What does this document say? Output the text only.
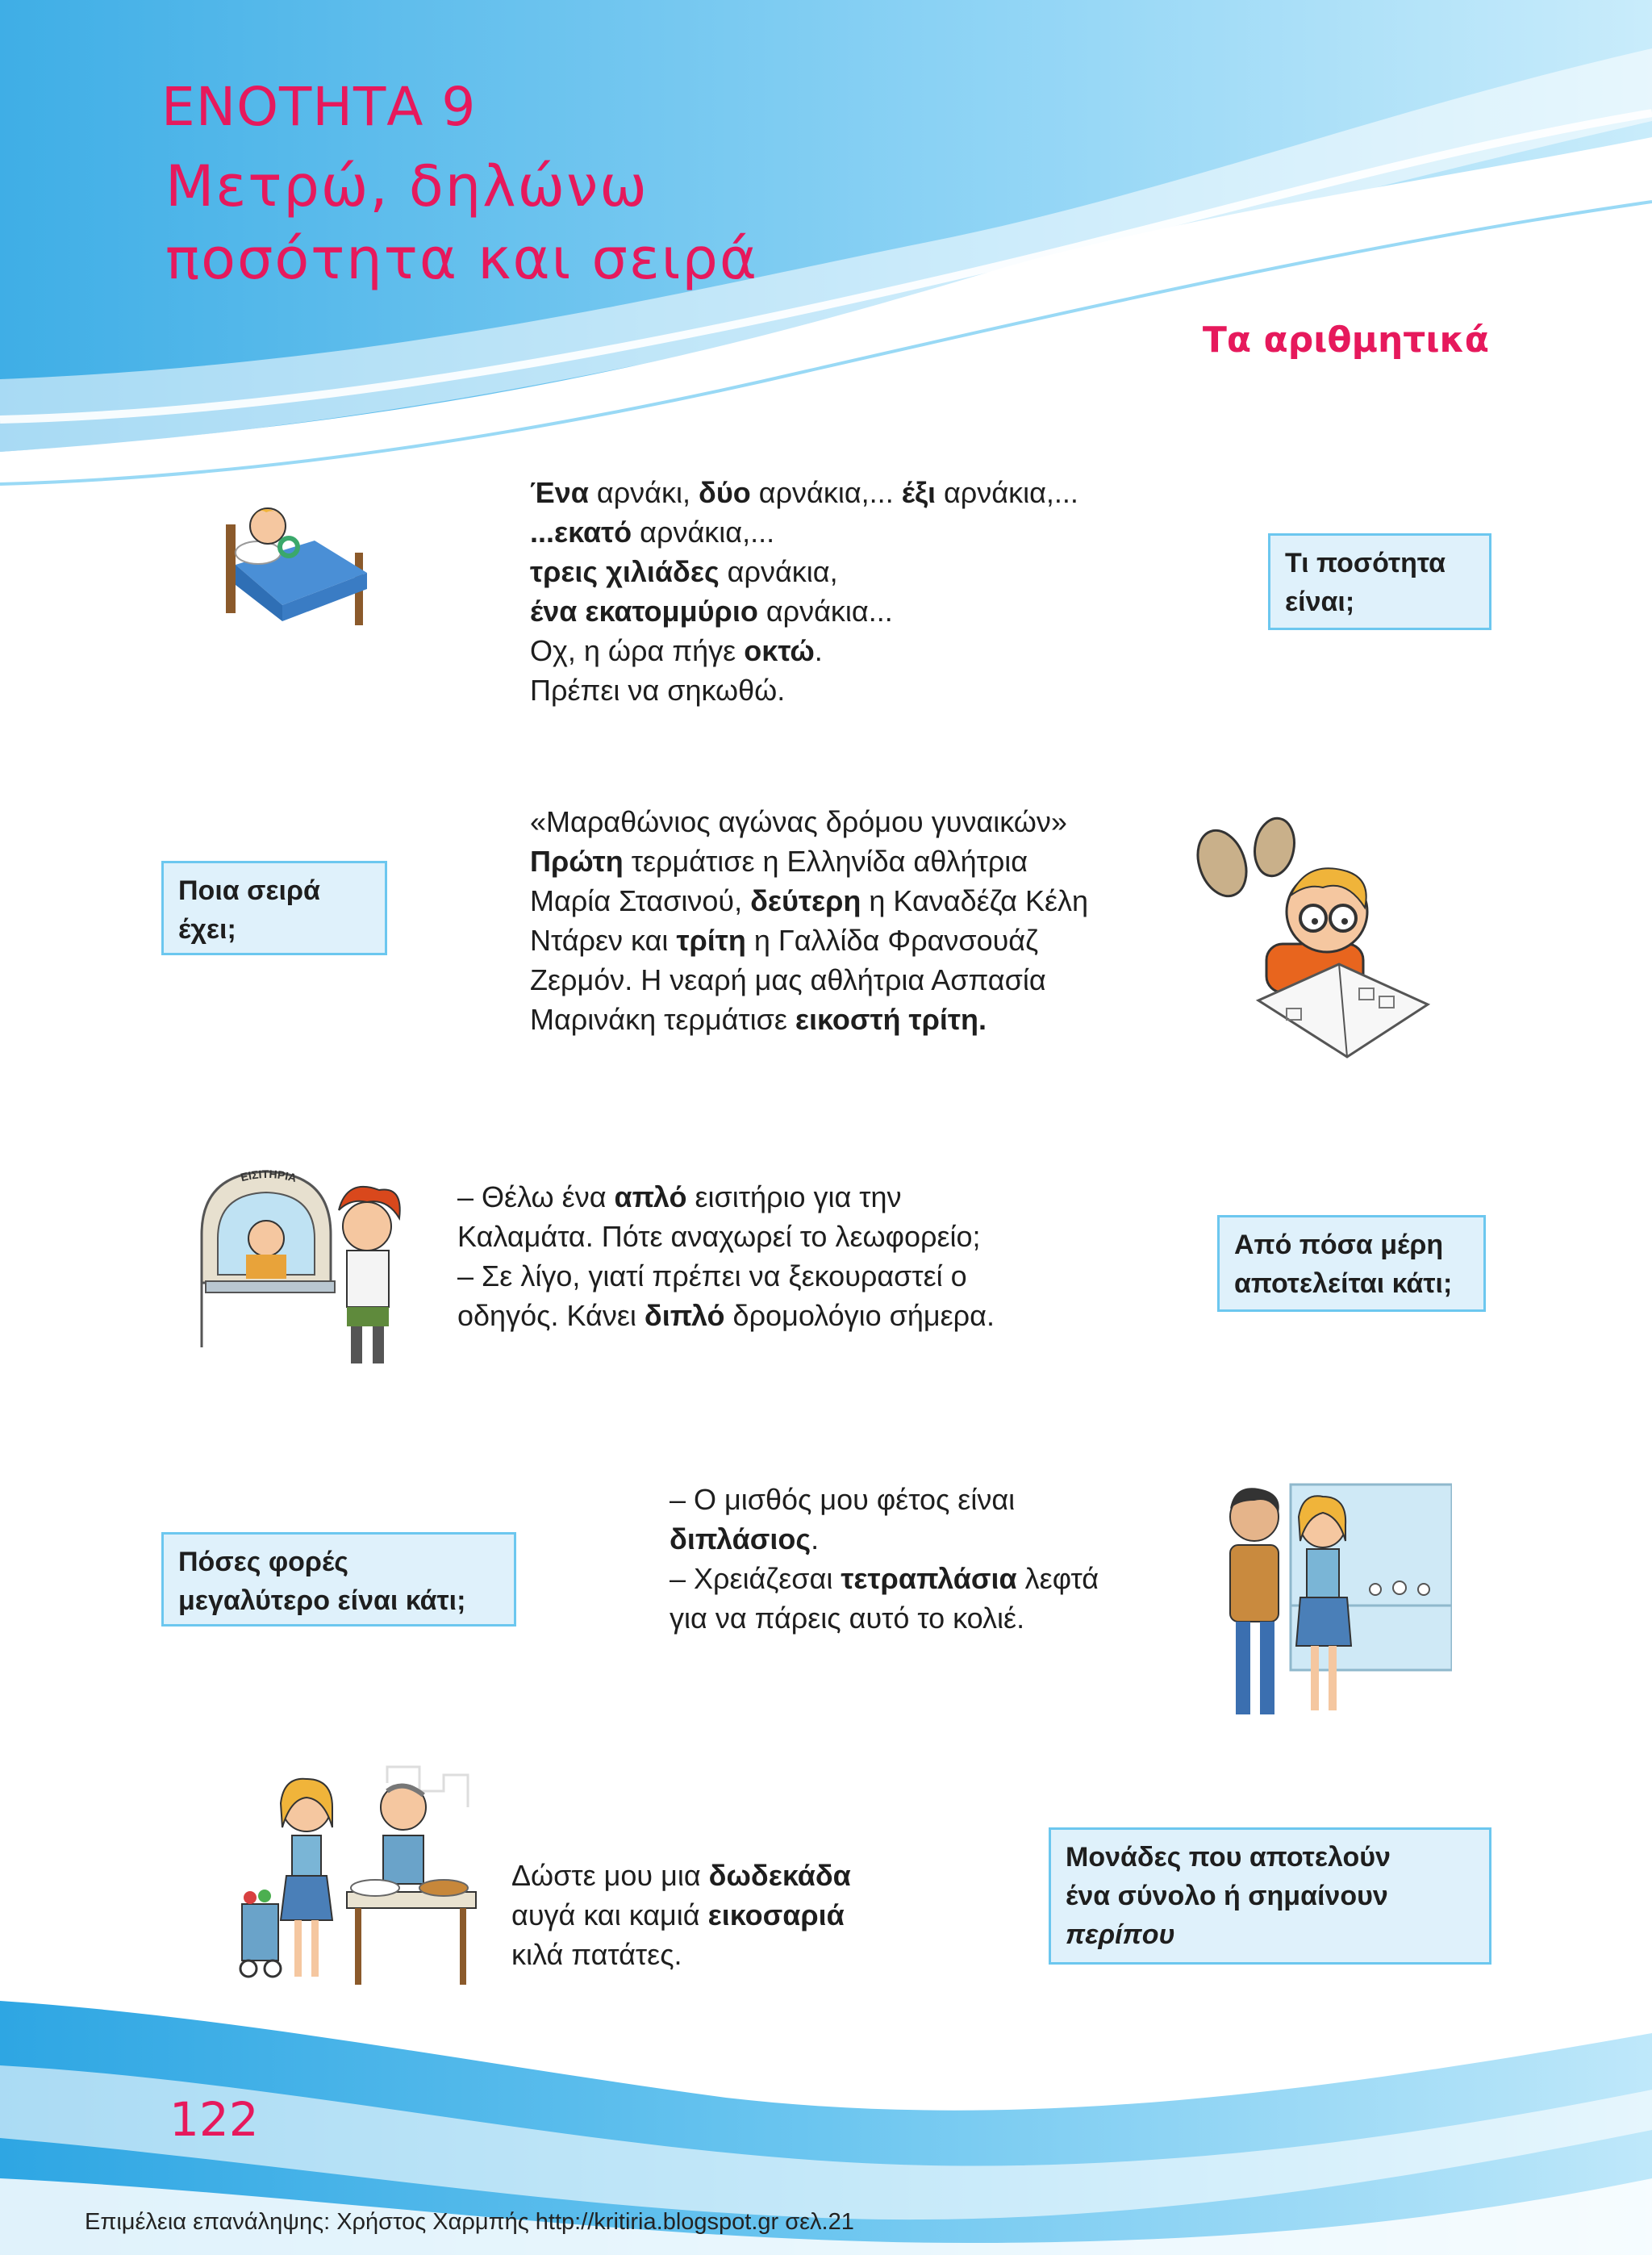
ΕΝΟΤΗΤΑ 9
Μετρώ, δηλώνω
ποσότητα και σειρά
Τα αριθμητικά
Ένα αρνάκι, δύο αρνάκια,... έξι αρνάκια,...
...εκατό αρνάκια,...
τρεις χιλιάδες αρνάκια,
ένα εκατομμύριο αρνάκια...
Οχ, η ώρα πήγε οκτώ.
Πρέπει να σηκωθώ.
Τι ποσότητα
είναι;
Ποια σειρά
έχει;
«Μαραθώνιος αγώνας δρόμου γυναικών»
Πρώτη τερμάτισε η Ελληνίδα αθλήτρια
Μαρία Στασινού, δεύτερη η Καναδέζα Κέλη
Ντάρεν και τρίτη η Γαλλίδα Φρανσουάζ
Ζερμόν. Η νεαρή μας αθλήτρια Ασπασία
Μαρινάκη τερμάτισε εικοστή τρίτη.
ΕΙΣΙΤΗΡΙΑ
– Θέλω ένα απλό εισιτήριο για την
Καλαμάτα. Πότε αναχωρεί το λεωφορείο;
– Σε λίγο, γιατί πρέπει να ξεκουραστεί ο
οδηγός. Κάνει διπλό δρομολόγιο σήμερα.
Από πόσα μέρη
αποτελείται κάτι;
Πόσες φορές
μεγαλύτερο είναι κάτι;
– Ο μισθός μου φέτος είναι
διπλάσιος.
– Χρειάζεσαι τετραπλάσια λεφτά
για να πάρεις αυτό το κολιέ.
Δώστε μου μια δωδεκάδα
αυγά και καμιά εικοσαριά
κιλά πατάτες.
Μονάδες που αποτελούν
ένα σύνολο ή σημαίνουν
περίπου
122
Επιμέλεια επανάληψης: Χρήστος Χαρμπής http://kritiria.blogspot.gr σελ.21
